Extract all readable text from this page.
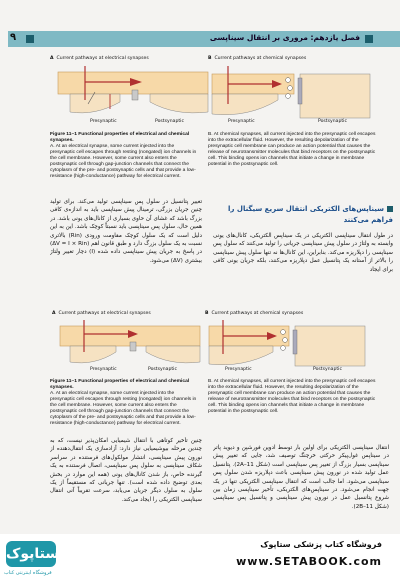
۹	فصل یازدهم: مروری بر انتقال سیناپسی
A Current pathways at electrical synapses
Presynaptic	Postsynaptic
B Current pathways at chemical synapses
Presynaptic	Postsynaptic
Figure 11–1 Functional properties of electrical and chemical synapses.
A. At an electrical synapse, some current injected into the presynaptic cell escapes through resting (nongated) ion channels in the cell membrane. However, some current also enters the postsynaptic cell through gap-junction channels that connect the cytoplasm of the pre- and postsynaptic cells and that provide a low-resistance (high-conductance) pathway for electrical current.
B. At chemical synapses, all current injected into the presynaptic cell escapes into the extracellular fluid. However, the resulting depolarization of the presynaptic cell membrane can produce an action potential that causes the release of neurotransmitter molecules that bind receptors on the postsynaptic cell. This binding opens ion channels that initiate a change in membrane potential in the postsynaptic cell.
تغییر پتانسیل در سلول پس سیناپسی تولید می‌کند. برای تولید چنین جریان بزرگی، ترمینال پیش سیناپسی باید به اندازه‌ی کافی بزرگ باشد که غشای آن حاوی بسیاری از کانال‌های یونی باشد. در همین حال، سلول پس سیناپسی باید نسبتاً کوچک باشد. این به این دلیل است که یک سلول کوچک مقاومت ورودی (Rin) بالاتری نسبت به یک سلول بزرگ دارد و طبق قانون اهم (ΔV = I × Rin) در پاسخ به جریان پیش سیناپسی داده شده (I) دچار تغییر ولتاژ بیشتری (ΔV) می‌شود.
سیناپس‌های الکتریکی انتقال سریع سیگنال را فراهم می‌کنند
در طول انتقال سیناپسی الکتریکی در یک سیناپس الکتریکی، کانال‌های یونی وابسته به ولتاژ در سلول پیش سیناپسی جریانی را تولید می‌کنند که سلول پس سیناپسی را دپلاریزه می‌کند. بنابراین، این کانال‌ها نه تنها سلول پیش سیناپسی را بالاتر از آستانه یک پتانسیل عمل دپلاریزه می‌کنند، بلکه جریان یونی کافی برای ایجاد
A Current pathways at electrical synapses
Presynaptic	Postsynaptic
B Current pathways at chemical synapses
Presynaptic	Postsynaptic
Figure 11–1 Functional properties of electrical and chemical synapses.
A. At an electrical synapse, some current injected into the presynaptic cell escapes through resting (nongated) ion channels in the cell membrane. However, some current also enters the postsynaptic cell through gap-junction channels that connect the cytoplasm of the pre- and postsynaptic cells and that provide a low-resistance (high-conductance) pathway for electrical current.
B. At chemical synapses, all current injected into the presynaptic cell escapes into the extracellular fluid. However, the resulting depolarization of the presynaptic cell membrane can produce an action potential that causes the release of neurotransmitter molecules that bind receptors on the postsynaptic cell. This binding opens ion channels that initiate a change in membrane potential in the postsynaptic cell.
چنین تأخیر کوتاهی با انتقال شیمیایی امکان‌پذیر نیست، که به چندین مرحله بیوشیمیایی نیاز دارد: آزادسازی یک انتقال‌دهنده از نورون پیش سیناپسی، انتشار مولکول‌های فرستنده در سراسر شکاف سیناپسی به سلول پس سیناپسی، اتصال فرستنده به یک گیرنده خاص، باز شدن کانال‌های یونی (همه این موارد در بخش بعدی توضیح داده شده است). تنها جریانی که مستقیماً از یک سلول به سلول دیگر جریان می‌یابد، سرعت تقریباً آنی انتقال سیناپسی الکتریکی را ایجاد می‌کند.
انتقال سیناپسی الکتریکی برای اولین بار توسط ادوین فورشپن و دیوید پاتر در سیناپس غول‌پیکر حرکتی خرچنگ توصیف شد، جایی که تغییر پیش سیناپسی بسیار بزرگ از تغییر پس سیناپسی است (شکل 11–2A). پتانسیل عمل تولید شده در نورون پیش سیناپسی باعث دپلاریزه شدن سلول پس سیناپسی می‌شود. اما جالب است که انتقال سیناپسی الکتریکی تنها در یک جهت انجام می‌شود. در سیناپس‌های الکتریکی، تأخیر سیناپسی زمان بین شروع پتانسیل عمل در نورون پیش سیناپسی و پتانسیل پس سیناپسی (شکل 11–2B).
ستاپوک
فروشگاه اینترنتی کتاب
فروشگاه کتاب پزشکی ستاپوک
www.SETABOOK.com
